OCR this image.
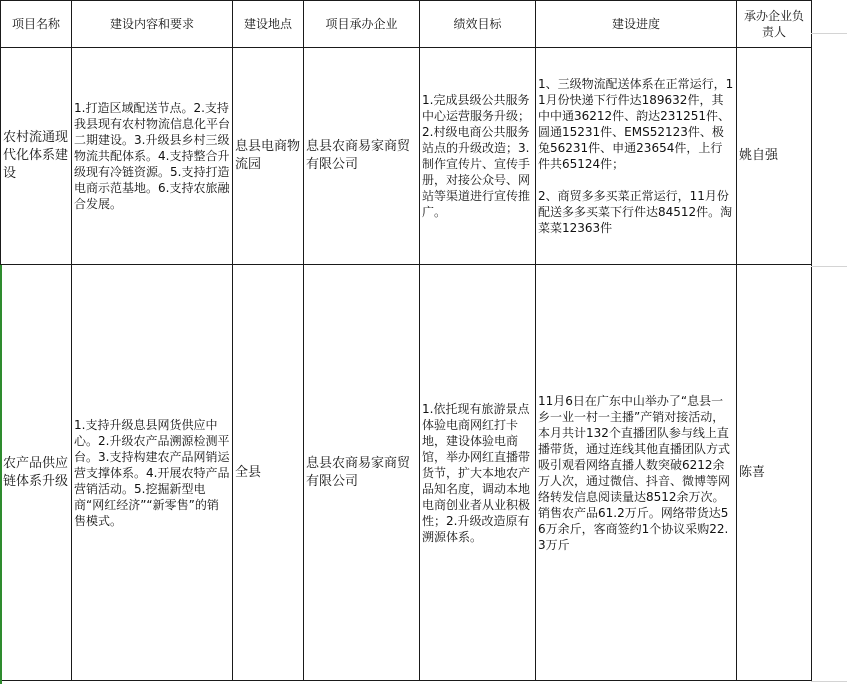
项目名称	建设内容和要求	建设地点	项目承办企业	绩效目标	建设进度	承办企业负责人
农村流通现代化体系建设	1.打造区域配送节点。2.支持我县现有农村物流信息化平台二期建设。3.升级县乡村三级物流共配体系。4.支持整合升级现有冷链资源。5.支持打造电商示范基地。6.支持农旅融合发展。	息县电商物流园	息县农商易家商贸有限公司	1.完成县级公共服务中心运营服务升级；2.村级电商公共服务站点的升级改造；3.制作宣传片、宣传手册，对接公众号、网站等渠道进行宣传推广。	1、三级物流配送体系在正常运行，11月份快递下行件达189632件，其中中通36212件、韵达231251件、圆通15231件、EMS52123件、极兔56231件、申通23654件，上行件共65124件；
2、商贸多多买菜正常运行，11月份配送多多买菜下行件达84512件。淘菜菜12363件	姚自强
农产品供应链体系升级	1.支持升级息县网货供应中心。2.升级农产品溯源检测平台。3.支持构建农产品网销运营支撑体系。4.开展农特产品营销活动。5.挖掘新型电商“网红经济”“新零售”的销售模式。	全县	息县农商易家商贸有限公司	1.依托现有旅游景点体验电商网红打卡地，建设体验电商馆，举办网红直播带货节，扩大本地农产品知名度，调动本地电商创业者从业积极性；2.升级改造原有溯源体系。	11月6日在广东中山举办了“息县一乡一业一村一主播”产销对接活动，本月共计132个直播团队参与线上直播带货，通过连线其他直播团队方式吸引观看网络直播人数突破6212余万人次，通过微信、抖音、微博等网络转发信息阅读量达8512余万次。销售农产品61.2万斤。网络带货达56万余斤，客商签约1个协议采购22.3万斤	陈喜
